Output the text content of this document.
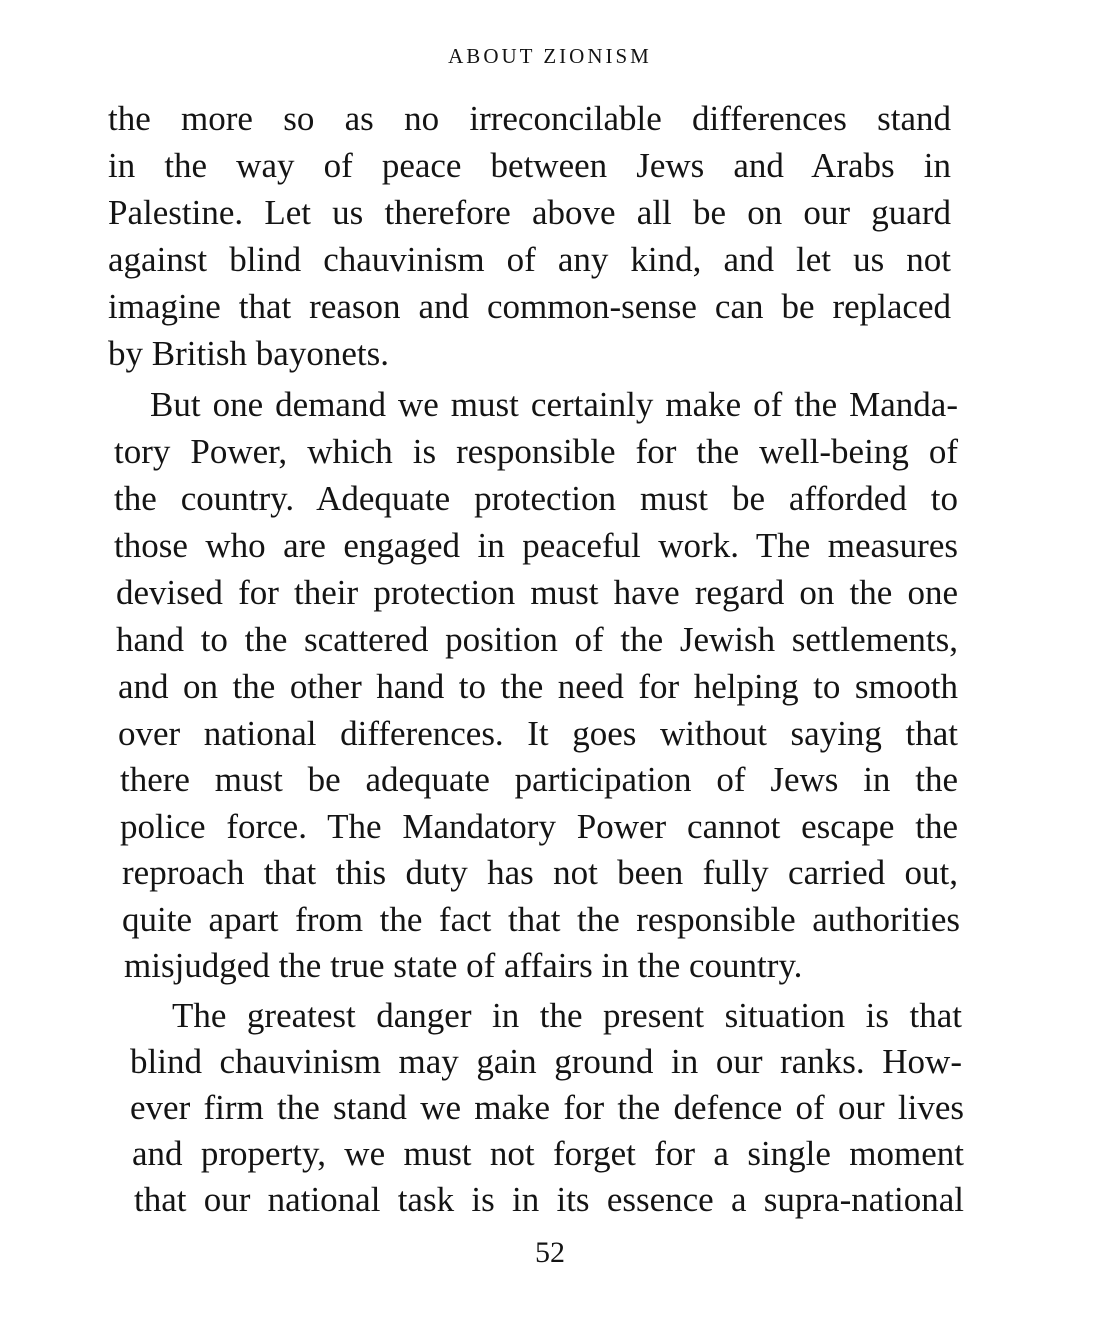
ABOUT ZIONISM
the more so as no irreconcilable differences stand
in the way of peace between Jews and Arabs in
Palestine. Let us therefore above all be on our guard
against blind chauvinism of any kind, and let us not
imagine that reason and common-sense can be replaced
by British bayonets.
But one demand we must certainly make of the Manda-
tory Power, which is responsible for the well-being of
the country. Adequate protection must be afforded to
those who are engaged in peaceful work. The measures
devised for their protection must have regard on the one
hand to the scattered position of the Jewish settlements,
and on the other hand to the need for helping to smooth
over national differences. It goes without saying that
there must be adequate participation of Jews in the
police force. The Mandatory Power cannot escape the
reproach that this duty has not been fully carried out,
quite apart from the fact that the responsible authorities
misjudged the true state of affairs in the country.
The greatest danger in the present situation is that
blind chauvinism may gain ground in our ranks. How-
ever firm the stand we make for the defence of our lives
and property, we must not forget for a single moment
that our national task is in its essence a supra-national
52
